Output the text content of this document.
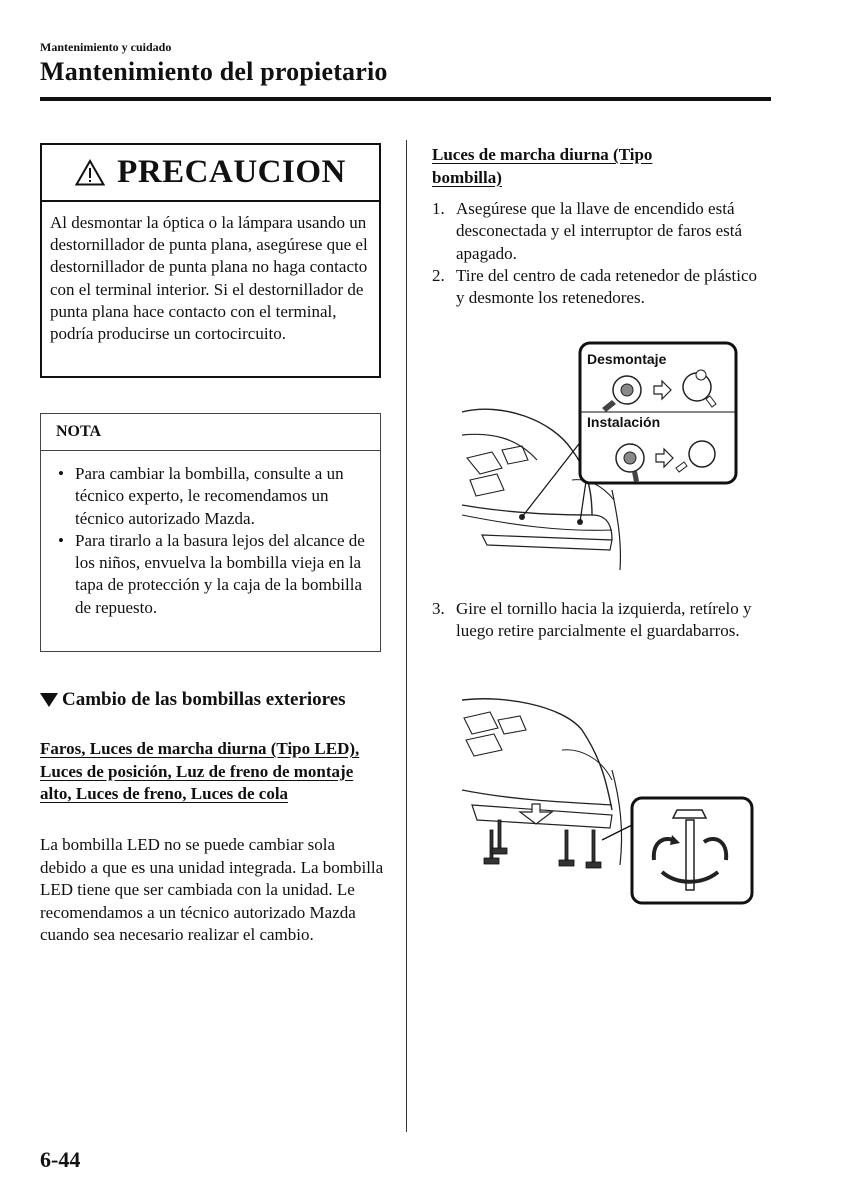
Mantenimiento y cuidado
Mantenimiento del propietario
PRECAUCION
Al desmontar la óptica o la lámpara usando un destornillador de punta plana, asegúrese que el destornillador de punta plana no haga contacto con el terminal interior. Si el destornillador de punta plana hace contacto con el terminal, podría producirse un cortocircuito.
NOTA
• Para cambiar la bombilla, consulte a un técnico experto, le recomendamos un técnico autorizado Mazda.
• Para tirarlo a la basura lejos del alcance de los niños, envuelva la bombilla vieja en la tapa de protección y la caja de la bombilla de repuesto.
Cambio de las bombillas exteriores
Faros, Luces de marcha diurna (Tipo LED), Luces de posición, Luz de freno de montaje alto, Luces de freno, Luces de cola
La bombilla LED no se puede cambiar sola debido a que es una unidad integrada. La bombilla LED tiene que ser cambiada con la unidad. Le recomendamos a un técnico autorizado Mazda cuando sea necesario realizar el cambio.
Luces de marcha diurna (Tipo bombilla)
1. Asegúrese que la llave de encendido está desconectada y el interruptor de faros está apagado.
2. Tire del centro de cada retenedor de plástico y desmonte los retenedores.
Desmontaje
Instalación
3. Gire el tornillo hacia la izquierda, retírelo y luego retire parcialmente el guardabarros.
6-44
